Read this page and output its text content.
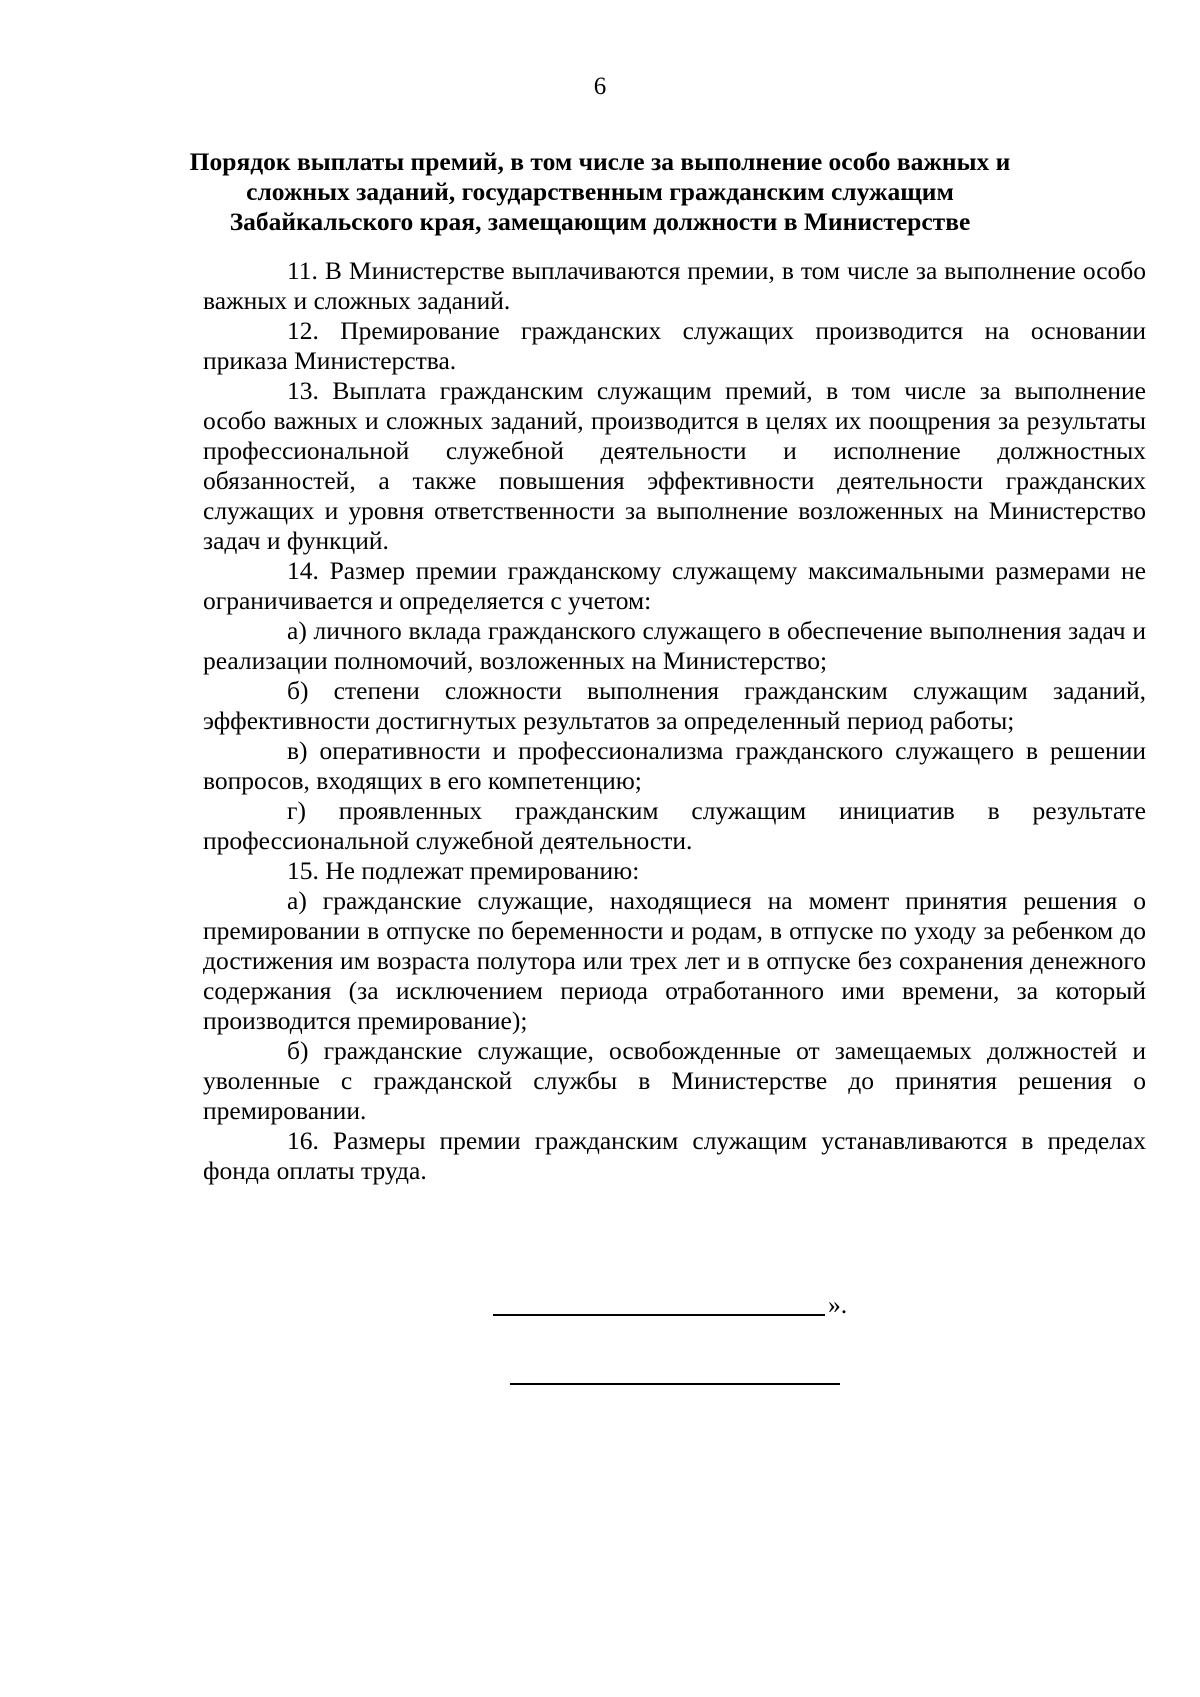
6
Порядок выплаты премий, в том числе за выполнение особо важных и
сложных заданий, государственным гражданским служащим
Забайкальского края, замещающим должности в Министерстве

11. В Министерстве выплачиваются премии, в том числе за выполнение особо важных и сложных заданий.

12. Премирование гражданских служащих производится на основании приказа Министерства.

13. Выплата гражданским служащим премий, в том числе за выполнение особо важных и сложных заданий, производится в целях их поощрения за результаты профессиональной служебной деятельности и исполнение должностных обязанностей, а также повышения эффективности деятельности гражданских служащих и уровня ответственности за выполнение возложенных на Министерство задач и функций.

14. Размер премии гражданскому служащему максимальными размерами не ограничивается и определяется с учетом:

а) личного вклада гражданского служащего в обеспечение выполнения задач и реализации полномочий, возложенных на Министерство;

б) степени сложности выполнения гражданским служащим заданий, эффективности достигнутых результатов за определенный период работы;

в) оперативности и профессионализма гражданского служащего в решении вопросов, входящих в его компетенцию;

г) проявленных гражданским служащим инициатив в результате профессиональной служебной деятельности.

15. Не подлежат премированию:

а) гражданские служащие, находящиеся на момент принятия решения о премировании в отпуске по беременности и родам, в отпуске по уходу за ребенком до достижения им возраста полутора или трех лет и в отпуске без сохранения денежного содержания (за исключением периода отработанного ими времени, за который производится премирование);

б) гражданские служащие, освобожденные от замещаемых должностей и уволенные с гражданской службы в Министерстве до принятия решения о премировании.

16. Размеры премии гражданским служащим устанавливаются в пределах фонда оплаты труда.

».
